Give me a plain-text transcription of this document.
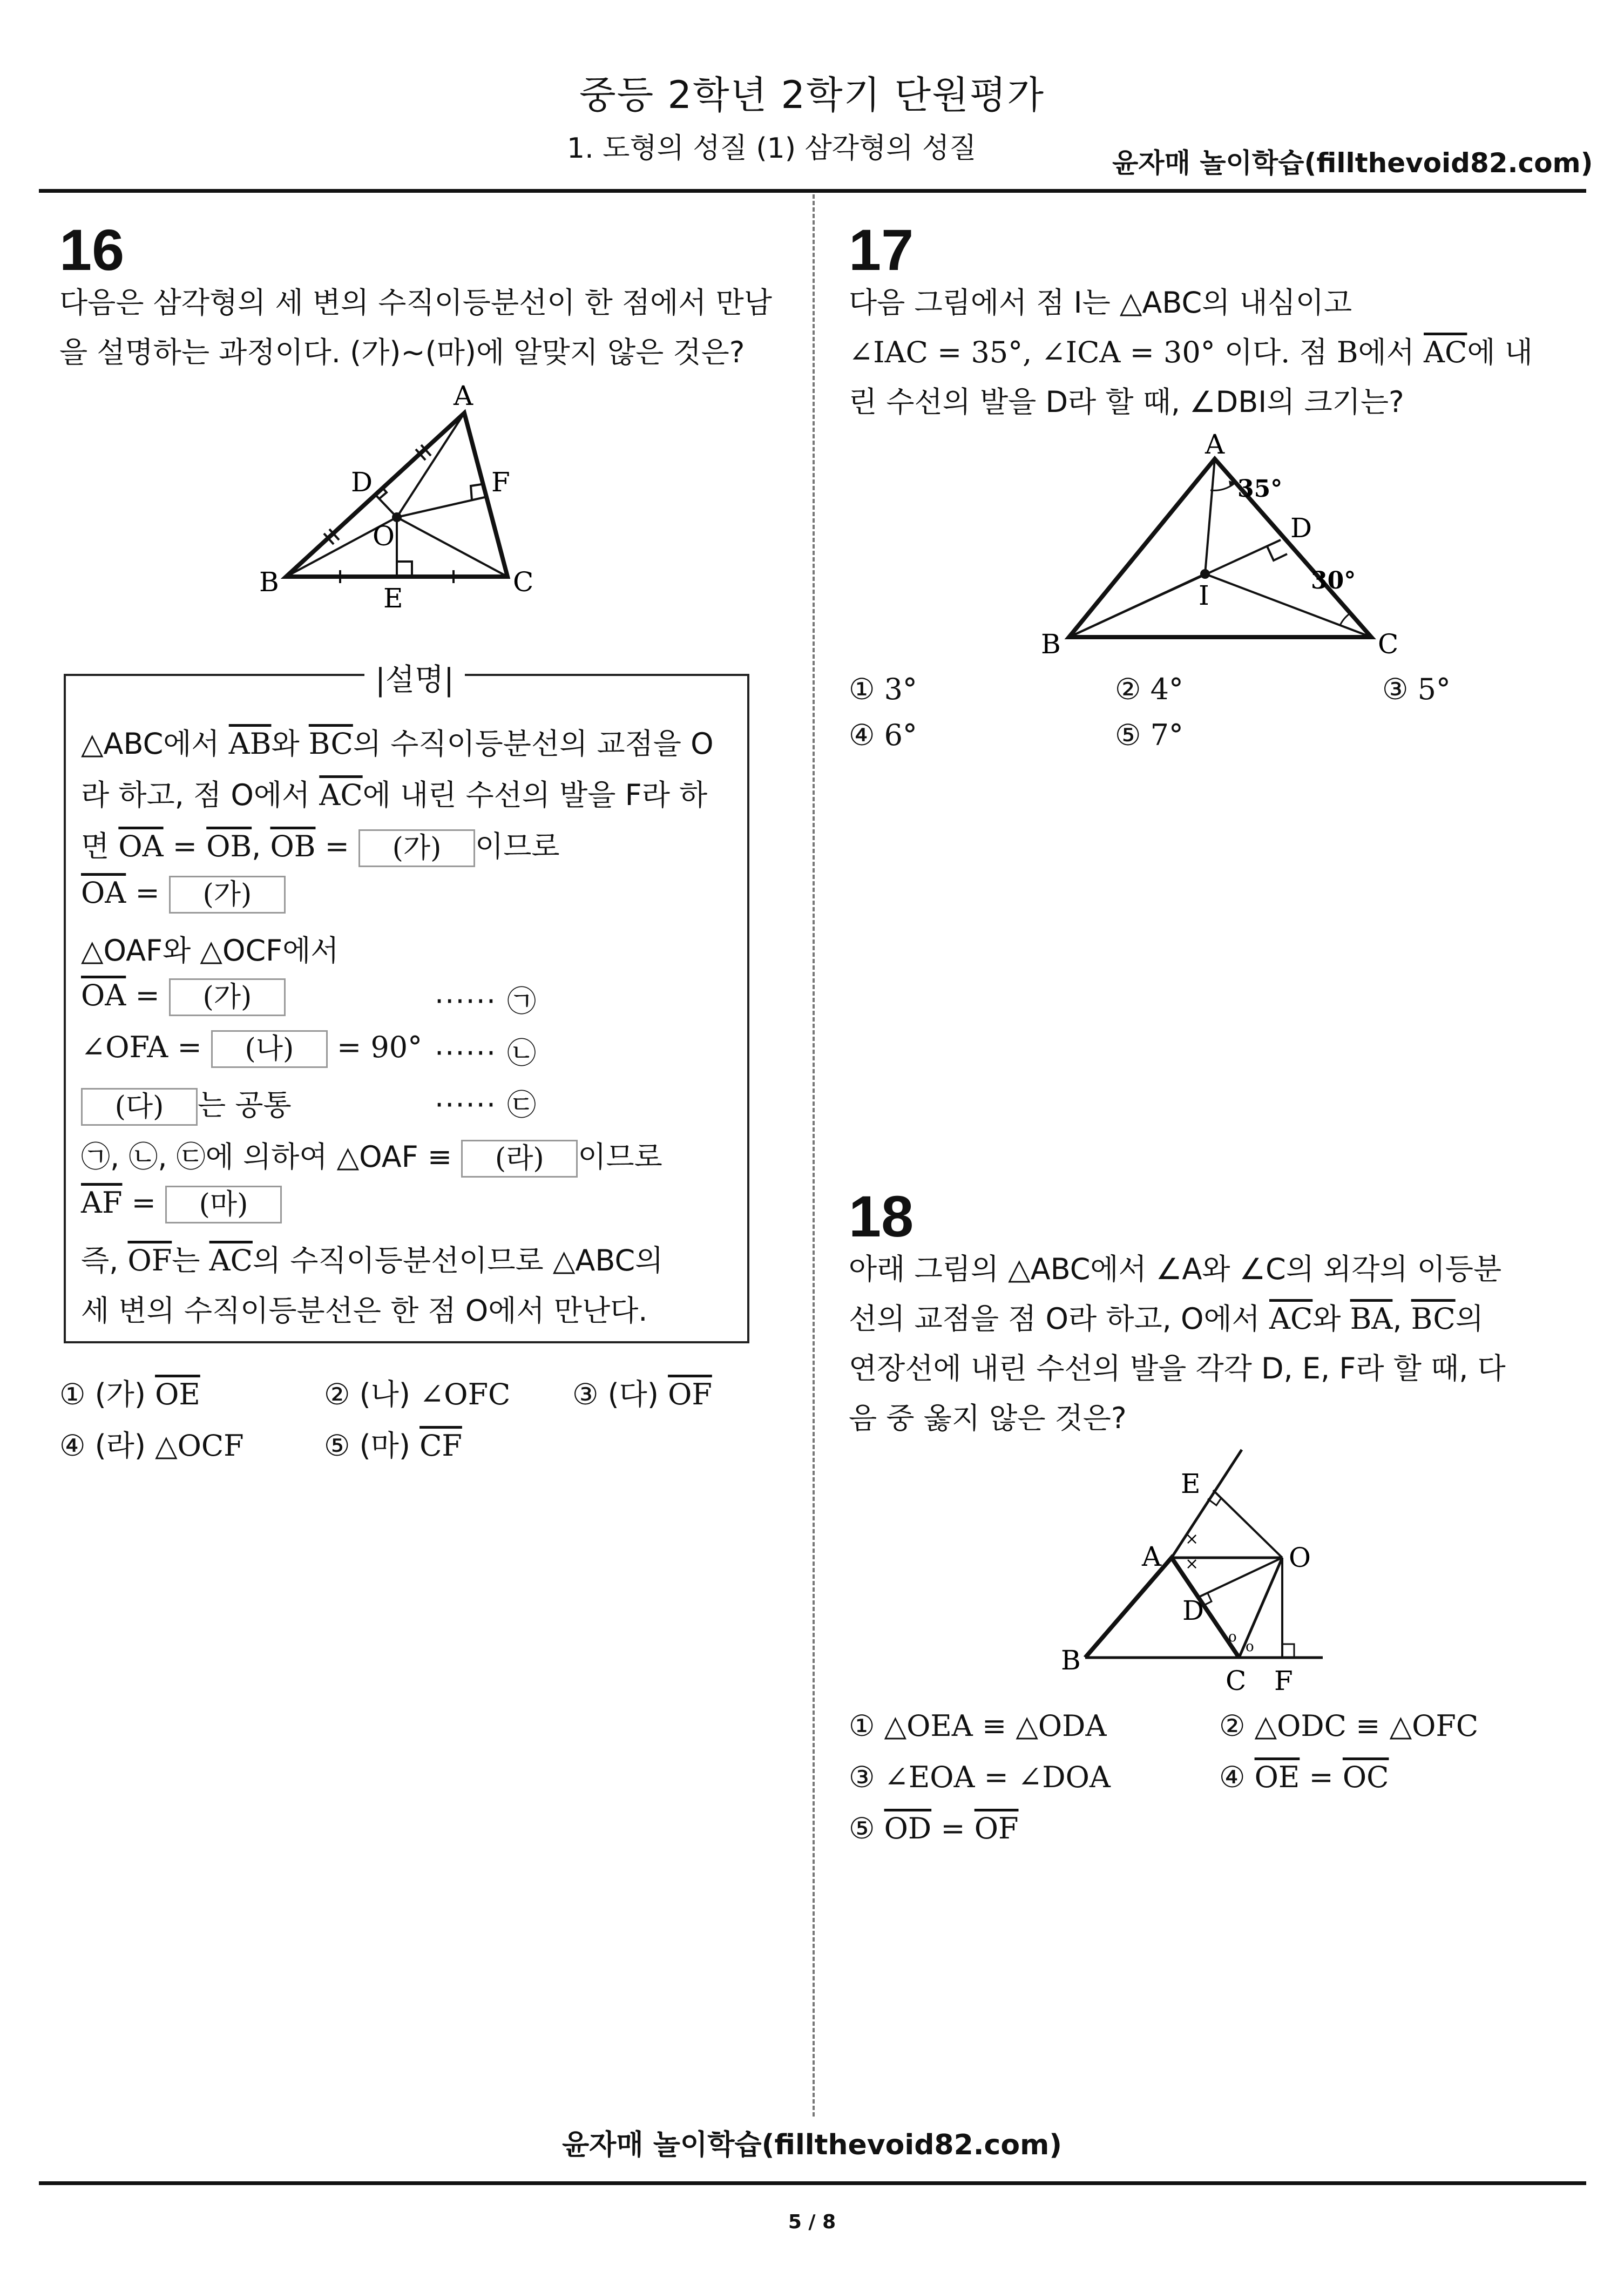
중등 2학년 2학기 단원평가
1. 도형의 성질 (1) 삼각형의 성질	윤자매 놀이학습(fillthevoid82.com)
16
다음은 삼각형의 세 변의 수직이등분선이 한 점에서 만남
을 설명하는 과정이다. (가)~(마)에 알맞지 않은 것은?
A
B	C
D
E
F
O
|설명|
△ABC에서 $\overline{AB}$와 $\overline{BC}$의 수직이등분선의 교점을 O
라 하고, 점 O에서 $\overline{AC}$에 내린 수선의 발을 F라 하
면 $\overline{OA} = \overline{OB}$, $\overline{OB}$ = (가) 이므로
$\overline{OA}$ = (가)
△OAF와 △OCF에서
$\overline{OA}$ = (가)	······ ㉠
∠OFA = (나) = 90° ······ ㉡
(다) 는 공통	······ ㉢
㉠, ㉡, ㉢에 의하여 △OAF ≡ (라) 이므로
$\overline{AF}$ = (마)
즉, $\overline{OF}$는 $\overline{AC}$의 수직이등분선이므로 △ABC의
세 변의 수직이등분선은 한 점 O에서 만난다.
① (가) $\overline{OE}$	② (나) ∠OFC ③ (다) $\overline{OF}$
④ (라) △OCF	⑤ (마) $\overline{CF}$
17
다음 그림에서 점 I는 △ABC의 내심이고
∠IAC = 35°, ∠ICA = 30° 이다. 점 B에서 $\overline{AC}$에 내
린 수선의 발을 D라 할 때, ∠DBI의 크기는?
A
B	C
D
I
35°
30°
① 3°	② 4°	③ 5°
④ 6°	⑤ 7°
18
아래 그림의 △ABC에서 ∠A와 ∠C의 외각의 이등분
선의 교점을 점 O라 하고, O에서 $\overline{AC}$와 $\overline{BA}$, $\overline{BC}$의
연장선에 내린 수선의 발을 각각 D, E, F라 할 때, 다
음 중 옳지 않은 것은?
×
×
o
o
A
B
C
D
E
F
O
① △OEA ≡ △ODA	② △ODC ≡ △OFC
③ ∠EOA = ∠DOA	④ $\overline{OE} = \overline{OC}$
⑤ $\overline{OD} = \overline{OF}$
윤자매 놀이학습(fillthevoid82.com)
5 / 8
